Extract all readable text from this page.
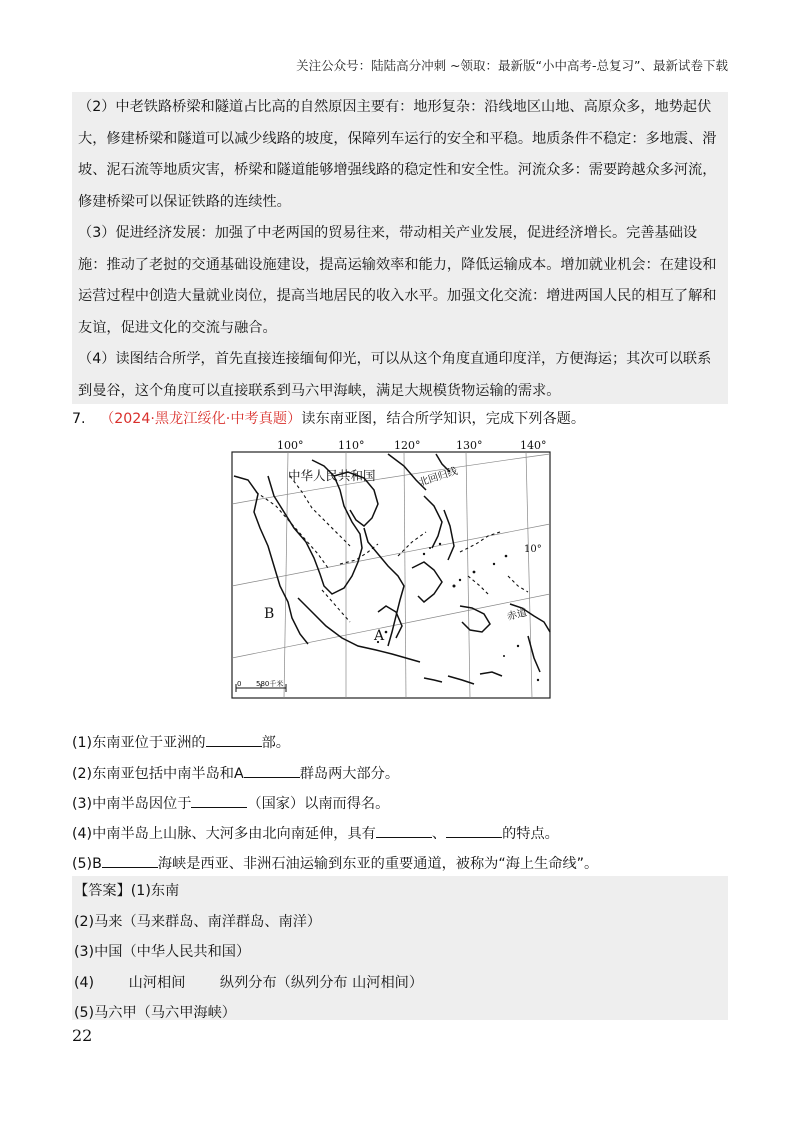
关注公众号：陆陆高分冲刺 ~领取：最新版“小中高考-总复习”、最新试卷下载
（2）中老铁路桥梁和隧道占比高的自然原因主要有：地形复杂：沿线地区山地、高原众多，地势起伏大，修建桥梁和隧道可以减少线路的坡度，保障列车运行的安全和平稳。地质条件不稳定：多地震、滑坡、泥石流等地质灾害，桥梁和隧道能够增强线路的稳定性和安全性。河流众多：需要跨越众多河流，修建桥梁可以保证铁路的连续性。
（3）促进经济发展：加强了中老两国的贸易往来，带动相关产业发展，促进经济增长。完善基础设施：推动了老挝的交通基础设施建设，提高运输效率和能力，降低运输成本。增加就业机会：在建设和运营过程中创造大量就业岗位，提高当地居民的收入水平。加强文化交流：增进两国人民的相互了解和友谊，促进文化的交流与融合。
（4）读图结合所学，首先直接连接缅甸仰光，可以从这个角度直通印度洋，方便海运；其次可以联系到曼谷，这个角度可以直接联系到马六甲海峡，满足大规模货物运输的需求。
7. （2024·黑龙江绥化·中考真题）读东南亚图，结合所学知识，完成下列各题。
100°	110°	120°	130°	140°
中华人民共和国	北回归线
10°
赤道
B
A
0 580千米
(1)东南亚位于亚洲的	部。
(2)东南亚包括中南半岛和A	群岛两大部分。
(3)中南半岛因位于	（国家）以南而得名。
(4)中南半岛上山脉、大河多由北向南延伸，具有	、	的特点。
(5)B	海峡是西亚、非洲石油运输到东亚的重要通道，被称为“海上生命线”。
【答案】(1)东南
(2)马来（马来群岛、南洋群岛、南洋）
(3)中国（中华人民共和国）
(4) 山河相间 纵列分布（纵列分布 山河相间）
(5)马六甲（马六甲海峡）
22
